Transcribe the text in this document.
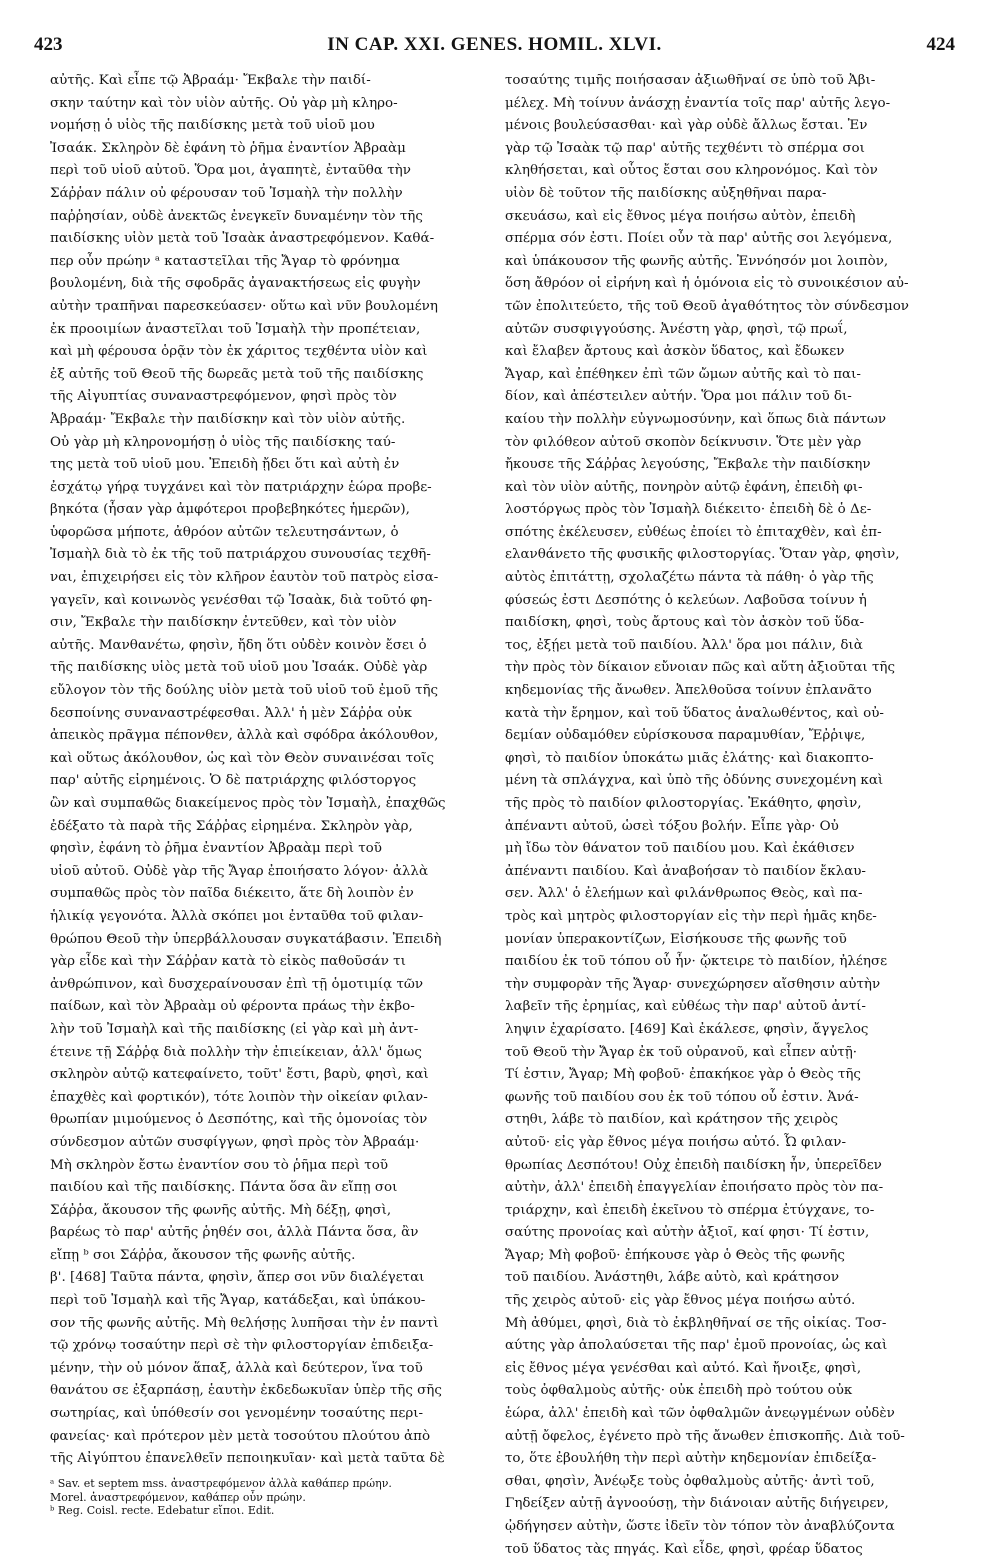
423	IN CAP. XXI. GENES. HOMIL. XLVI.	424
αὐτῆς. Καὶ εἶπε τῷ Ἀβραάμ· Ἔκβαλε τὴν παιδί-
σκην ταύτην καὶ τὸν υἱὸν αὐτῆς. Οὐ γὰρ μὴ κληρο-
νομήσῃ ὁ υἱὸς τῆς παιδίσκης μετὰ τοῦ υἱοῦ μου
Ἰσαάκ. Σκληρὸν δὲ ἐφάνη τὸ ῥῆμα ἐναντίον Ἀβραὰμ
περὶ τοῦ υἱοῦ αὐτοῦ. Ὅρα μοι, ἀγαπητὲ, ἐνταῦθα τὴν
Σάῤῥαν πάλιν οὐ φέρουσαν τοῦ Ἰσμαὴλ τὴν πολλὴν
παῤῥησίαν, οὐδὲ ἀνεκτῶς ἐνεγκεῖν δυναμένην τὸν τῆς
παιδίσκης υἱὸν μετὰ τοῦ Ἰσαὰκ ἀναστρεφόμενον. Καθά-
περ οὖν πρώην ᵃ καταστεῖλαι τῆς Ἄγαρ τὸ φρόνημα
βουλομένη, διὰ τῆς σφοδρᾶς ἀγανακτήσεως εἰς φυγὴν
αὐτὴν τραπῆναι παρεσκεύασεν· οὕτω καὶ νῦν βουλομένη
ἐκ προοιμίων ἀναστεῖλαι τοῦ Ἰσμαὴλ τὴν προπέτειαν,
καὶ μὴ φέρουσα ὁρᾷν τὸν ἐκ χάριτος τεχθέντα υἱὸν καὶ
ἐξ αὐτῆς τοῦ Θεοῦ τῆς δωρεᾶς μετὰ τοῦ τῆς παιδίσκης
τῆς Αἰγυπτίας συναναστρεφόμενον, φησὶ πρὸς τὸν
Ἀβραάμ· Ἔκβαλε τὴν παιδίσκην καὶ τὸν υἱὸν αὐτῆς.
Οὐ γὰρ μὴ κληρονομήσῃ ὁ υἱὸς τῆς παιδίσκης ταύ-
της μετὰ τοῦ υἱοῦ μου. Ἐπειδὴ ᾔδει ὅτι καὶ αὐτὴ ἐν
ἐσχάτῳ γήρᾳ τυγχάνει καὶ τὸν πατριάρχην ἑώρα προβε-
βηκότα (ἦσαν γὰρ ἀμφότεροι προβεβηκότες ἡμερῶν),
ὑφορῶσα μήποτε, ἀθρόον αὐτῶν τελευτησάντων, ὁ
Ἰσμαὴλ διὰ τὸ ἐκ τῆς τοῦ πατριάρχου συνουσίας τεχθῆ-
ναι, ἐπιχειρήσει εἰς τὸν κλῆρον ἑαυτὸν τοῦ πατρὸς εἰσα-
γαγεῖν, καὶ κοινωνὸς γενέσθαι τῷ Ἰσαὰκ, διὰ τοῦτό φη-
σιν, Ἔκβαλε τὴν παιδίσκην ἐντεῦθεν, καὶ τὸν υἱὸν
αὐτῆς. Μανθανέτω, φησὶν, ἤδη ὅτι οὐδὲν κοινὸν ἔσει ὁ
τῆς παιδίσκης υἱὸς μετὰ τοῦ υἱοῦ μου Ἰσαάκ. Οὐδὲ γὰρ
εὔλογον τὸν τῆς δούλης υἱὸν μετὰ τοῦ υἱοῦ τοῦ ἐμοῦ τῆς
δεσποίνης συναναστρέφεσθαι. Ἀλλ' ἡ μὲν Σάῤῥα οὐκ
ἀπεικὸς πρᾶγμα πέπονθεν, ἀλλὰ καὶ σφόδρα ἀκόλουθον,
καὶ οὕτως ἀκόλουθον, ὡς καὶ τὸν Θεὸν συναινέσαι τοῖς
παρ' αὐτῆς εἰρημένοις. Ὁ δὲ πατριάρχης φιλόστοργος
ὢν καὶ συμπαθῶς διακείμενος πρὸς τὸν Ἰσμαὴλ, ἐπαχθῶς
ἐδέξατο τὰ παρὰ τῆς Σάῤῥας εἰρημένα. Σκληρὸν γὰρ,
φησὶν, ἐφάνη τὸ ῥῆμα ἐναντίον Ἀβραὰμ περὶ τοῦ
υἱοῦ αὐτοῦ. Οὐδὲ γὰρ τῆς Ἄγαρ ἐποιήσατο λόγον· ἀλλὰ
συμπαθῶς πρὸς τὸν παῖδα διέκειτο, ἅτε δὴ λοιπὸν ἐν
ἡλικίᾳ γεγονότα. Ἀλλὰ σκόπει μοι ἐνταῦθα τοῦ φιλαν-
θρώπου Θεοῦ τὴν ὑπερβάλλουσαν συγκατάβασιν. Ἐπειδὴ
γὰρ εἶδε καὶ τὴν Σάῤῥαν κατὰ τὸ εἰκὸς παθοῦσάν τι
ἀνθρώπινον, καὶ δυσχεραίνουσαν ἐπὶ τῇ ὁμοτιμίᾳ τῶν
παίδων, καὶ τὸν Ἀβραὰμ οὐ φέροντα πράως τὴν ἐκβο-
λὴν τοῦ Ἰσμαὴλ καὶ τῆς παιδίσκης (εἰ γὰρ καὶ μὴ ἀντ-
έτεινε τῇ Σάῤῥᾳ διὰ πολλὴν τὴν ἐπιείκειαν, ἀλλ' ὅμως
σκληρὸν αὐτῷ κατεφαίνετο, τοῦτ' ἔστι, βαρὺ, φησὶ, καὶ
ἐπαχθὲς καὶ φορτικόν), τότε λοιπὸν τὴν οἰκείαν φιλαν-
θρωπίαν μιμούμενος ὁ Δεσπότης, καὶ τῆς ὁμονοίας τὸν
σύνδεσμον αὐτῶν συσφίγγων, φησὶ πρὸς τὸν Ἀβραάμ·
Μὴ σκληρὸν ἔστω ἐναντίον σου τὸ ῥῆμα περὶ τοῦ
παιδίου καὶ τῆς παιδίσκης. Πάντα ὅσα ἂν εἴπῃ σοι
Σάῤῥα, ἄκουσον τῆς φωνῆς αὐτῆς. Μὴ δέξῃ, φησὶ,
βαρέως τὸ παρ' αὐτῆς ῥηθέν σοι, ἀλλὰ Πάντα ὅσα, ἂν
εἴπῃ ᵇ σοι Σάῤῥα, ἄκουσον τῆς φωνῆς αὐτῆς.
β'. [468] Ταῦτα πάντα, φησὶν, ἅπερ σοι νῦν διαλέγεται
περὶ τοῦ Ἰσμαὴλ καὶ τῆς Ἄγαρ, κατάδεξαι, καὶ ὑπάκου-
σον τῆς φωνῆς αὐτῆς. Μὴ θελήσῃς λυπῆσαι τὴν ἐν παντὶ
τῷ χρόνῳ τοσαύτην περὶ σὲ τὴν φιλοστοργίαν ἐπιδειξα-
μένην, τὴν οὐ μόνον ἅπαξ, ἀλλὰ καὶ δεύτερον, ἵνα τοῦ
θανάτου σε ἐξαρπάσῃ, ἑαυτὴν ἐκδεδωκυῖαν ὑπὲρ τῆς σῆς
σωτηρίας, καὶ ὑπόθεσίν σοι γενομένην τοσαύτης περι-
φανείας· καὶ πρότερον μὲν μετὰ τοσούτου πλούτου ἀπὸ
τῆς Αἰγύπτου ἐπανελθεῖν πεποιηκυῖαν· καὶ μετὰ ταῦτα δὲ
ᵃ Sav. et septem mss. ἀναστρεφόμενον ἀλλὰ καθάπερ πρώην.
Morel. ἀναστρεφόμενον, καθάπερ οὖν πρώην.
ᵇ Reg. Coisl. recte. Edebatur εἴποι. Edit.
τοσαύτης τιμῆς ποιήσασαν ἀξιωθῆναί σε ὑπὸ τοῦ Ἀβι-
μέλεχ. Μὴ τοίνυν ἀνάσχῃ ἐναντία τοῖς παρ' αὐτῆς λεγο-
μένοις βουλεύσασθαι· καὶ γὰρ οὐδὲ ἄλλως ἔσται. Ἐν
γὰρ τῷ Ἰσαὰκ τῷ παρ' αὐτῆς τεχθέντι τὸ σπέρμα σοι
κληθήσεται, καὶ οὗτος ἔσται σου κληρονόμος. Καὶ τὸν
υἱὸν δὲ τοῦτον τῆς παιδίσκης αὐξηθῆναι παρα-
σκευάσω, καὶ εἰς ἔθνος μέγα ποιήσω αὐτὸν, ἐπειδὴ
σπέρμα σόν ἐστι. Ποίει οὖν τὰ παρ' αὐτῆς σοι λεγόμενα,
καὶ ὑπάκουσον τῆς φωνῆς αὐτῆς. Ἐννόησόν μοι λοιπὸν,
ὅση ἄθρόον οἱ εἰρήνη καὶ ἡ ὁμόνοια εἰς τὸ συνοικέσιον αὐ-
τῶν ἐπολιτεύετο, τῆς τοῦ Θεοῦ ἀγαθότητος τὸν σύνδεσμον
αὐτῶν συσφιγγούσης. Ἀνέστη γὰρ, φησὶ, τῷ πρωΐ,
καὶ ἔλαβεν ἄρτους καὶ ἀσκὸν ὕδατος, καὶ ἔδωκεν
Ἄγαρ, καὶ ἐπέθηκεν ἐπὶ τῶν ὤμων αὐτῆς καὶ τὸ παι-
δίον, καὶ ἀπέστειλεν αὐτήν. Ὅρα μοι πάλιν τοῦ δι-
καίου τὴν πολλὴν εὐγνωμοσύνην, καὶ ὅπως διὰ πάντων
τὸν φιλόθεον αὐτοῦ σκοπὸν δείκνυσιν. Ὅτε μὲν γὰρ
ἤκουσε τῆς Σάῤῥας λεγούσης, Ἔκβαλε τὴν παιδίσκην
καὶ τὸν υἱὸν αὐτῆς, πονηρὸν αὐτῷ ἐφάνη, ἐπειδὴ φι-
λοστόργως πρὸς τὸν Ἰσμαὴλ διέκειτο· ἐπειδὴ δὲ ὁ Δε-
σπότης ἐκέλευσεν, εὐθέως ἐποίει τὸ ἐπιταχθὲν, καὶ ἐπ-
ελανθάνετο τῆς φυσικῆς φιλοστοργίας. Ὅταν γὰρ, φησὶν,
αὐτὸς ἐπιτάττῃ, σχολαζέτω πάντα τὰ πάθη· ὁ γὰρ τῆς
φύσεώς ἐστι Δεσπότης ὁ κελεύων. Λαβοῦσα τοίνυν ἡ
παιδίσκη, φησὶ, τοὺς ἄρτους καὶ τὸν ἀσκὸν τοῦ ὕδα-
τος, ἐξῄει μετὰ τοῦ παιδίου. Ἀλλ' ὅρα μοι πάλιν, διὰ
τὴν πρὸς τὸν δίκαιον εὔνοιαν πῶς καὶ αὕτη ἀξιοῦται τῆς
κηδεμονίας τῆς ἄνωθεν. Ἀπελθοῦσα τοίνυν ἐπλανᾶτο
κατὰ τὴν ἔρημον, καὶ τοῦ ὕδατος ἀναλωθέντος, καὶ οὐ-
δεμίαν οὐδαμόθεν εὑρίσκουσα παραμυθίαν, Ἔῤῥιψε,
φησὶ, τὸ παιδίον ὑποκάτω μιᾶς ἐλάτης· καὶ διακοπτο-
μένη τὰ σπλάγχνα, καὶ ὑπὸ τῆς ὀδύνης συνεχομένη καὶ
τῆς πρὸς τὸ παιδίον φιλοστοργίας. Ἐκάθητο, φησὶν,
ἀπέναντι αὐτοῦ, ὡσεὶ τόξου βολήν. Εἶπε γὰρ· Οὐ
μὴ ἴδω τὸν θάνατον τοῦ παιδίου μου. Καὶ ἐκάθισεν
ἀπέναντι παιδίου. Καὶ ἀναβοήσαν τὸ παιδίον ἔκλαυ-
σεν. Ἀλλ' ὁ ἐλεήμων καὶ φιλάνθρωπος Θεὸς, καὶ πα-
τρὸς καὶ μητρὸς φιλοστοργίαν εἰς τὴν περὶ ἡμᾶς κηδε-
μονίαν ὑπερακοντίζων, Εἰσήκουσε τῆς φωνῆς τοῦ
παιδίου ἐκ τοῦ τόπου οὗ ἦν· ᾤκτειρε τὸ παιδίον, ἠλέησε
τὴν συμφορὰν τῆς Ἄγαρ· συνεχώρησεν αἴσθησιν αὐτὴν
λαβεῖν τῆς ἐρημίας, καὶ εὐθέως τὴν παρ' αὐτοῦ ἀντί-
ληψιν ἐχαρίσατο. [469] Καὶ ἐκάλεσε, φησὶν, ἄγγελος
τοῦ Θεοῦ τὴν Ἄγαρ ἐκ τοῦ οὐρανοῦ, καὶ εἶπεν αὐτῇ·
Τί ἐστιν, Ἄγαρ; Μὴ φοβοῦ· ἐπακήκοε γὰρ ὁ Θεὸς τῆς
φωνῆς τοῦ παιδίου σου ἐκ τοῦ τόπου οὗ ἐστιν. Ἀνά-
στηθι, λάβε τὸ παιδίον, καὶ κράτησον τῆς χειρὸς
αὐτοῦ· εἰς γὰρ ἔθνος μέγα ποιήσω αὐτό. Ὦ φιλαν-
θρωπίας Δεσπότου! Οὐχ ἐπειδὴ παιδίσκη ἦν, ὑπερεῖδεν
αὐτὴν, ἀλλ' ἐπειδὴ ἐπαγγελίαν ἐποιήσατο πρὸς τὸν πα-
τριάρχην, καὶ ἐπειδὴ ἐκεῖνου τὸ σπέρμα ἐτύγχανε, το-
σαύτης προνοίας καὶ αὐτὴν ἀξιοῖ, καί φησι· Τί ἐστιν,
Ἄγαρ; Μὴ φοβοῦ· ἐπήκουσε γὰρ ὁ Θεὸς τῆς φωνῆς
τοῦ παιδίου. Ἀνάστηθι, λάβε αὐτὸ, καὶ κράτησον
τῆς χειρὸς αὐτοῦ· εἰς γὰρ ἔθνος μέγα ποιήσω αὐτό.
Μὴ ἀθύμει, φησὶ, διὰ τὸ ἐκβληθῆναί σε τῆς οἰκίας. Τοσ-
αύτης γὰρ ἀπολαύσεται τῆς παρ' ἐμοῦ προνοίας, ὡς καὶ
εἰς ἔθνος μέγα γενέσθαι καὶ αὐτό. Καὶ ἤνοιξε, φησὶ,
τοὺς ὀφθαλμοὺς αὐτῆς· οὐκ ἐπειδὴ πρὸ τούτου οὐκ
ἑώρα, ἀλλ' ἐπειδὴ καὶ τῶν ὀφθαλμῶν ἀνεῳγμένων οὐδὲν
αὐτῇ ὄφελος, ἐγένετο πρὸ τῆς ἄνωθεν ἐπισκοπῆς. Διὰ τοῦ-
το, ὅτε ἐβουλήθη τὴν περὶ αὐτὴν κηδεμονίαν ἐπιδείξα-
σθαι, φησὶν, Ἀνέῳξε τοὺς ὀφθαλμοὺς αὐτῆς· ἀντὶ τοῦ,
Γηδείξεν αὐτῇ ἀγνοούσῃ, τὴν διάνοιαν αὐτῆς διήγειρεν,
ᾠδήγησεν αὐτὴν, ὥστε ἰδεῖν τὸν τόπον τὸν ἀναβλύζοντα
τοῦ ὕδατος τὰς πηγάς. Καὶ εἶδε, φησὶ, φρέαρ ὕδατος
